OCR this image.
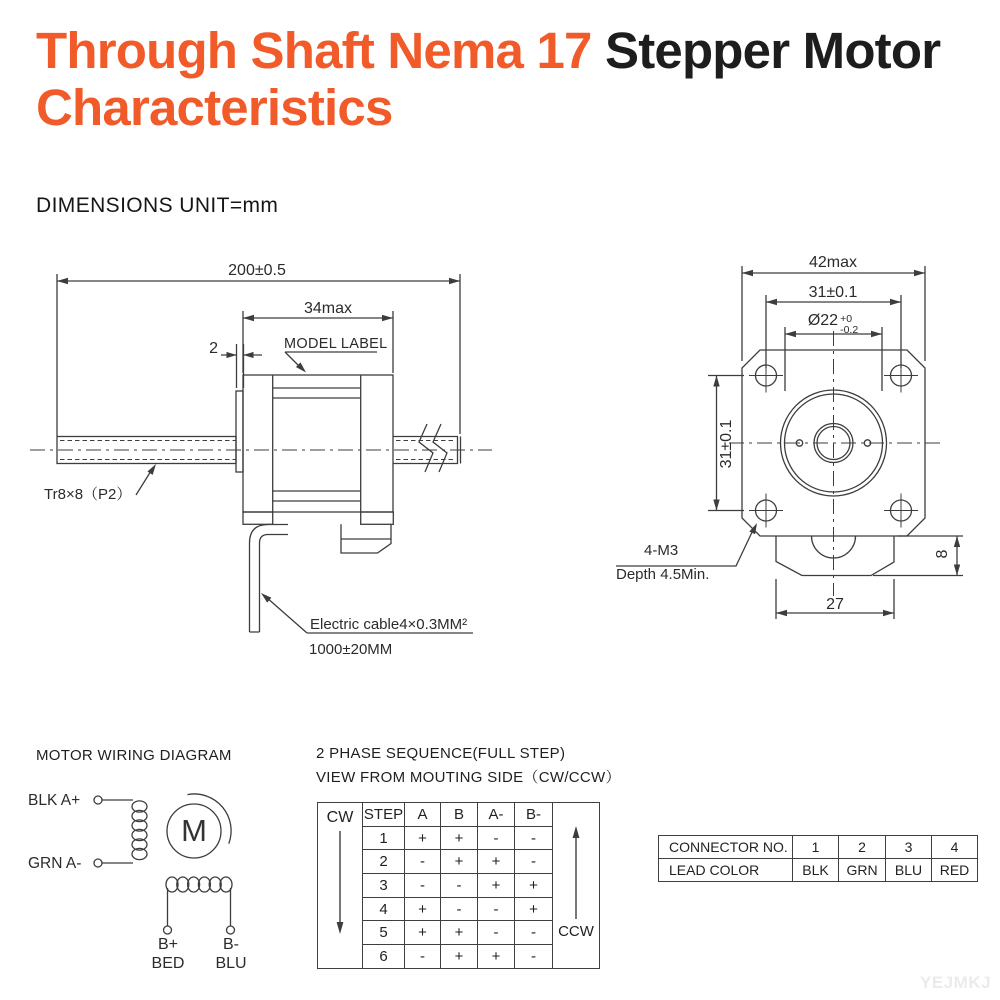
Through Shaft Nema 17 Stepper Motor
Characteristics
DIMENSIONS UNIT=mm
200±0.5
34max
2	MODEL LABEL
Tr8×8（P2）
Electric cable4×0.3MM²
1000±20MM
42max
31±0.1
Ø22 +0
-0.2
31±0.1
4-M3
Depth 4.5Min.
8
27
MOTOR WIRING DIAGRAM
BLK A+
GRN A-
M
B+
BED
B-
BLU
2 PHASE SEQUENCE(FULL STEP)
VIEW FROM MOUTING SIDE（CW/CCW）
CW	STEP	A	B	A-	B-	CCW

	1	+	+	-	-	
	2	-	+	+	-	
	3	-	-	+	+	
	4	+	-	-	+	
	5	+	+	-	-	
	6	-	+	+	-	
CONNECTOR NO.	1	2	3	4
LEAD COLOR	BLK	GRN	BLU	RED
YEJMKJ
